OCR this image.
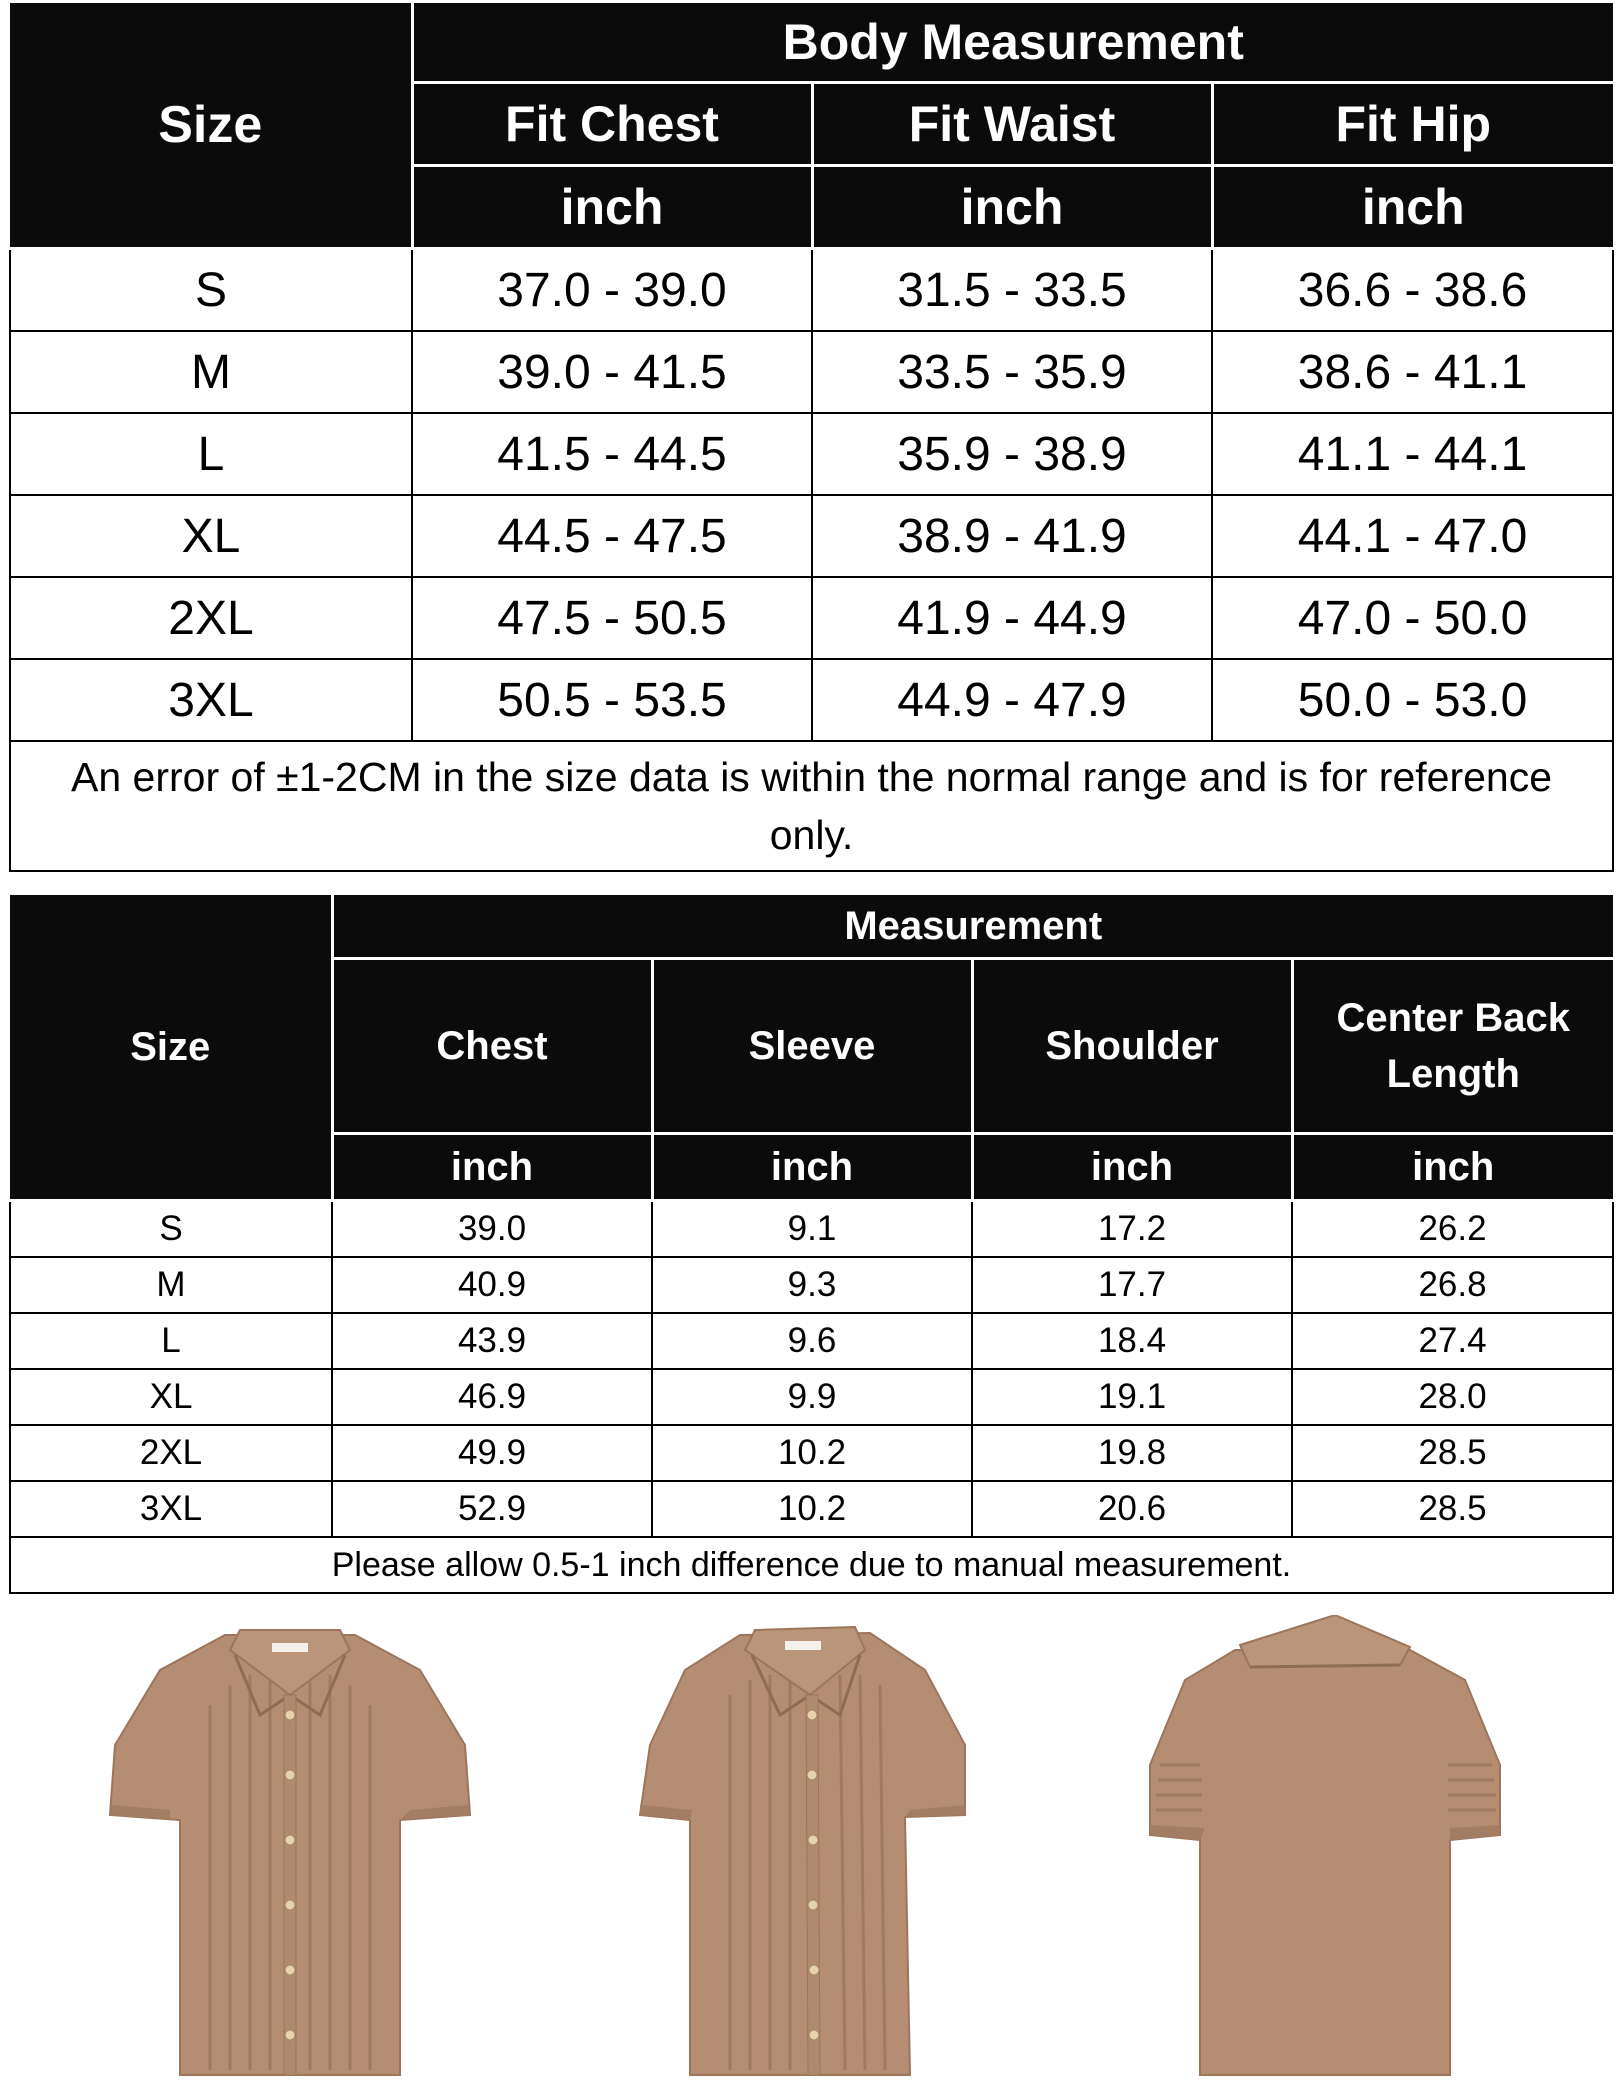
Size	Body Measurement		
	Fit Chest	Fit Waist	Fit Hip
	inch	inch	inch
S	37.0 - 39.0	31.5 - 33.5	36.6 - 38.6
M	39.0 - 41.5	33.5 - 35.9	38.6 - 41.1
L	41.5 - 44.5	35.9 - 38.9	41.1 - 44.1
XL	44.5 - 47.5	38.9 - 41.9	44.1 - 47.0
2XL	47.5 - 50.5	41.9 - 44.9	47.0 - 50.0
3XL	50.5 - 53.5	44.9 - 47.9	50.0 - 53.0
An error of ±1-2CM in the size data is within the normal range and is for reference only.			
Size	Measurement			
	Chest	Sleeve	Shoulder	Center Back Length
	inch	inch	inch	inch
S	39.0	9.1	17.2	26.2
M	40.9	9.3	17.7	26.8
L	43.9	9.6	18.4	27.4
XL	46.9	9.9	19.1	28.0
2XL	49.9	10.2	19.8	28.5
3XL	52.9	10.2	20.6	28.5
Please allow 0.5-1 inch difference due to manual measurement.				
